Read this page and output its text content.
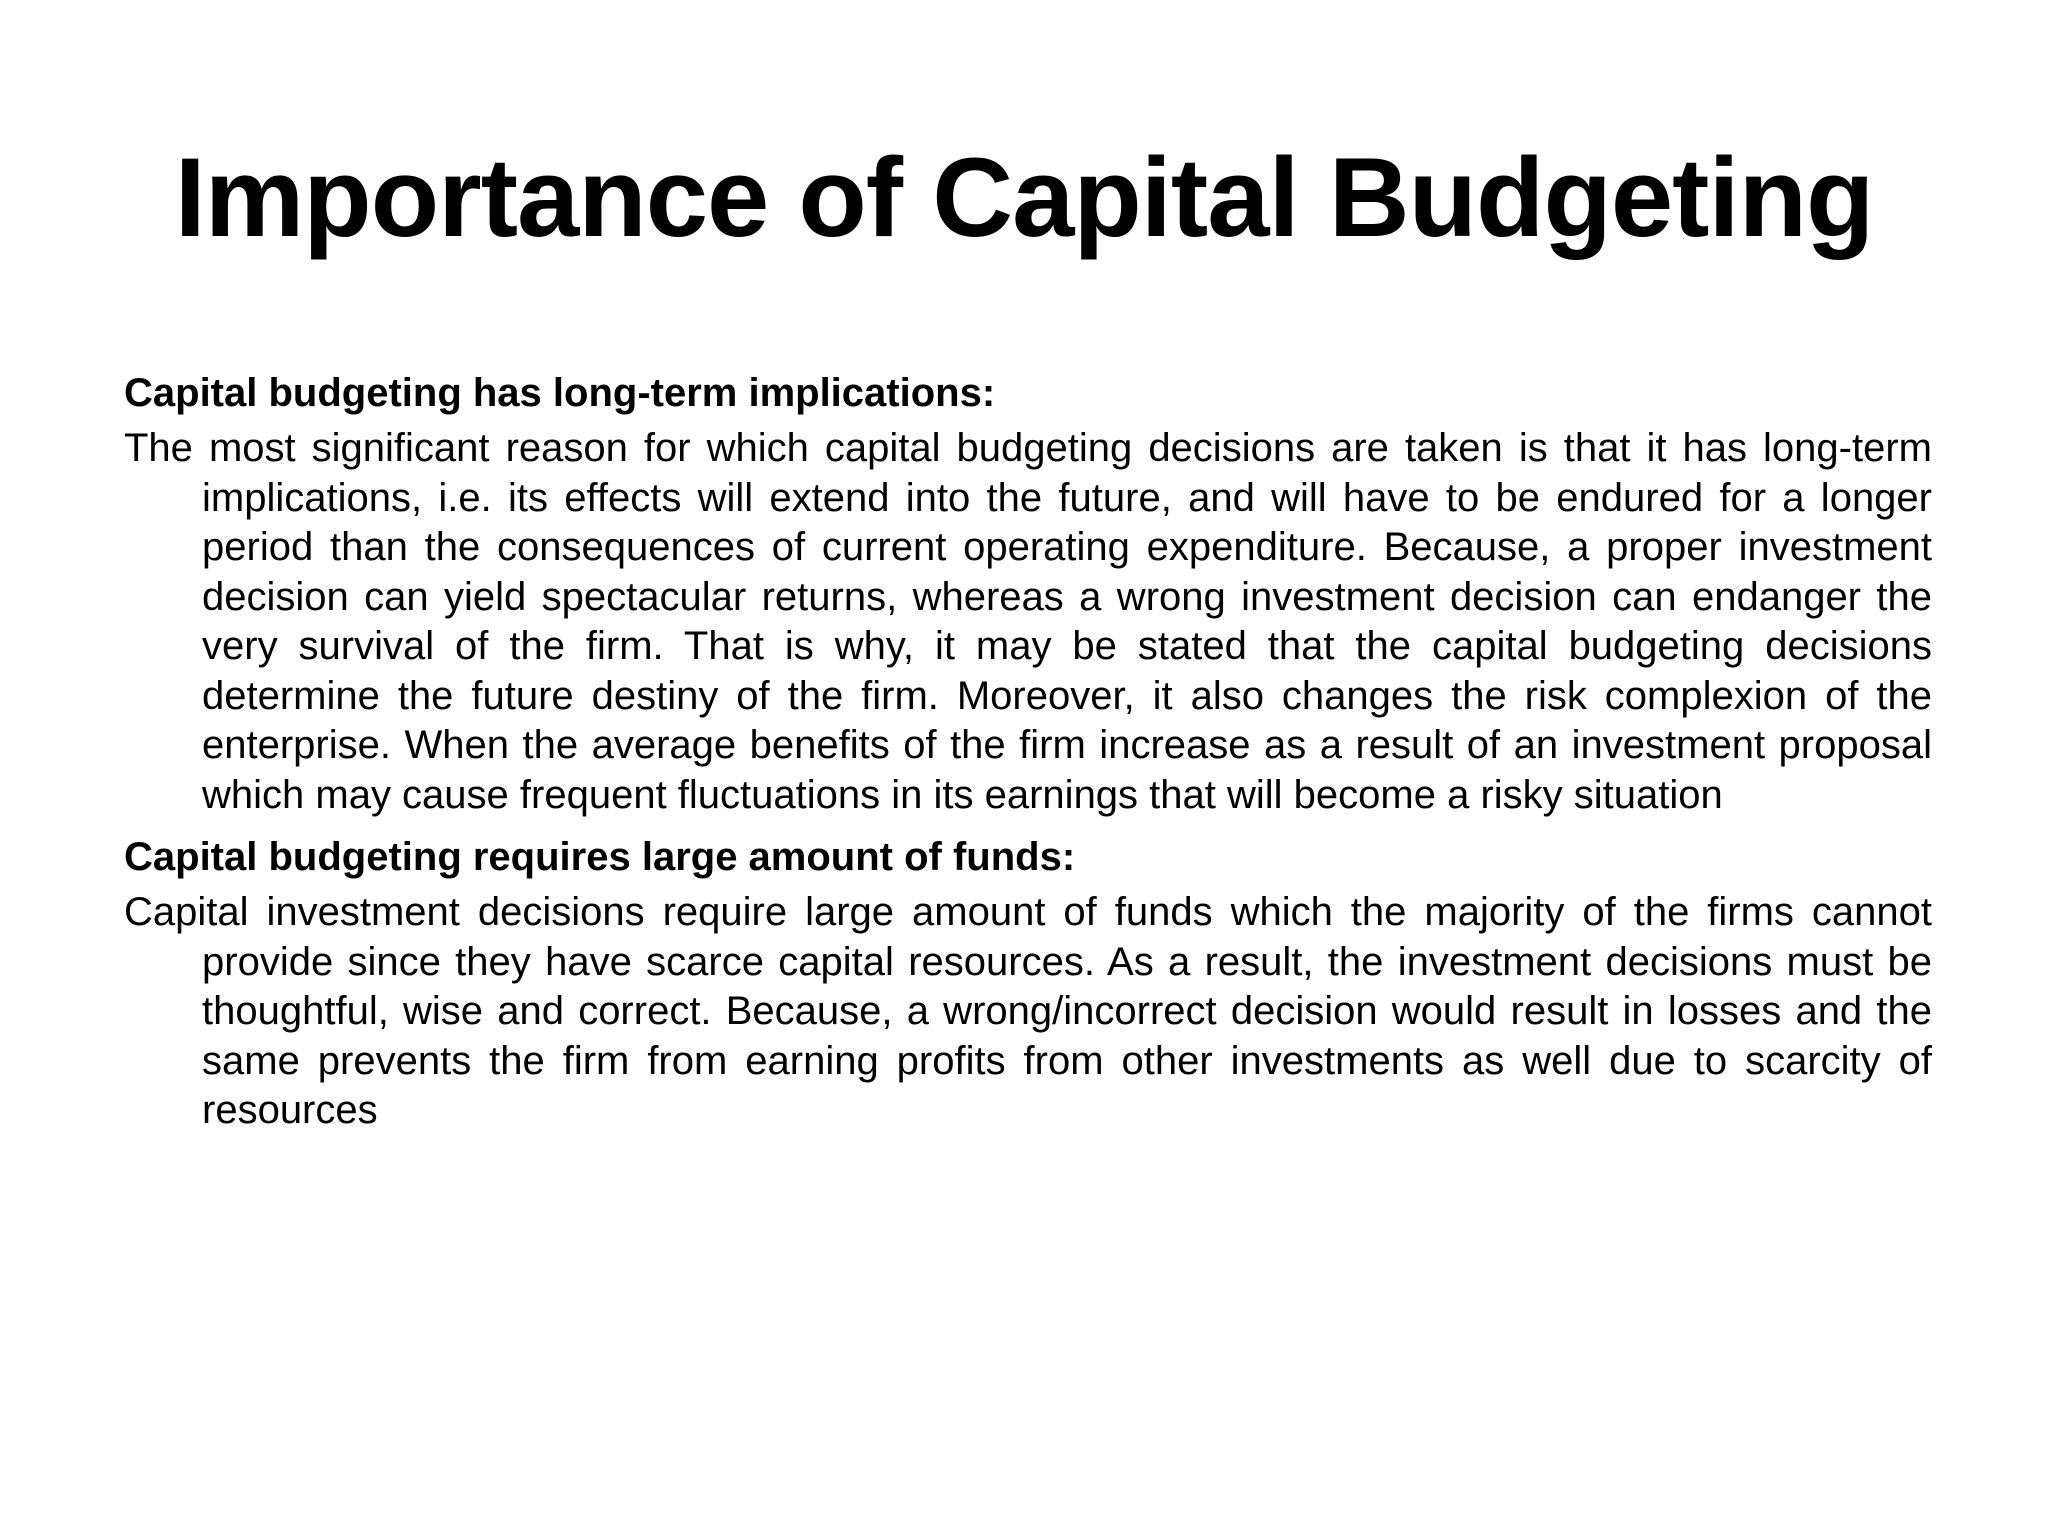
Importance of Capital Budgeting

Capital budgeting has long-term implications:

The most significant reason for which capital budgeting decisions are taken is that it has long-term implications, i.e. its effects will extend into the future, and will have to be endured for a longer period than the consequences of current operating expenditure. Because, a proper investment decision can yield spectacular returns, whereas a wrong investment decision can endanger the very survival of the firm. That is why, it may be stated that the capital budgeting decisions determine the future destiny of the firm. Moreover, it also changes the risk complexion of the enterprise. When the average benefits of the firm increase as a result of an investment proposal which may cause frequent fluctuations in its earnings that will become a risky situation

Capital budgeting requires large amount of funds:

Capital investment decisions require large amount of funds which the majority of the firms cannot provide since they have scarce capital resources. As a result, the investment decisions must be thoughtful, wise and correct. Because, a wrong/incorrect decision would result in losses and the same prevents the firm from earning profits from other investments as well due to scarcity of resources
